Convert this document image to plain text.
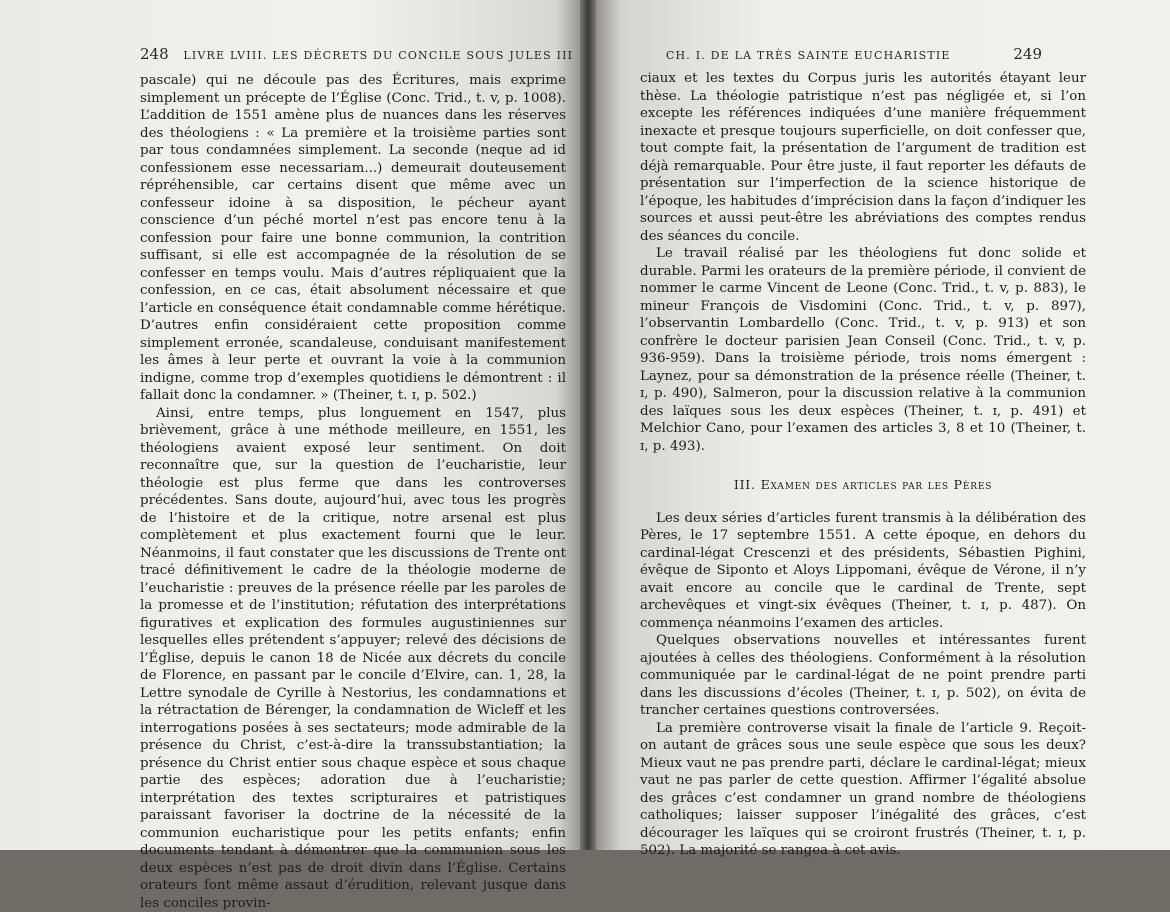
248 LIVRE LVIII. LES DÉCRETS DU CONCILE SOUS JULES III

pascale) qui ne découle pas des Écritures, mais exprime simplement un précepte de l’Église (Conc. Trid., t. v, p. 1008). L’addition de 1551 amène plus de nuances dans les réserves des théologiens : « La première et la troisième parties sont par tous condamnées simplement. La seconde (neque ad id confessionem esse necessariam...) demeurait douteusement répréhensible, car certains disent que même avec un confesseur idoine à sa disposition, le pécheur ayant conscience d’un péché mortel n’est pas encore tenu à la confession pour faire une bonne communion, la contrition suffisant, si elle est accompagnée de la résolution de se confesser en temps voulu. Mais d’autres répliquaient que la confession, en ce cas, était absolument nécessaire et que l’article en conséquence était condamnable comme hérétique. D’autres enfin considéraient cette proposition comme simplement erronée, scandaleuse, conduisant manifestement les âmes à leur perte et ouvrant la voie à la communion indigne, comme trop d’exemples quotidiens le démontrent : il fallait donc la condamner. » (Theiner, t. ɪ, p. 502.)

Ainsi, entre temps, plus longuement en 1547, plus brièvement, grâce à une méthode meilleure, en 1551, les théologiens avaient exposé leur sentiment. On doit reconnaître que, sur la question de l’eucharistie, leur théologie est plus ferme que dans les controverses précédentes. Sans doute, aujourd’hui, avec tous les progrès de l’histoire et de la critique, notre arsenal est plus complètement et plus exactement fourni que le leur. Néanmoins, il faut constater que les discussions de Trente ont tracé définitivement le cadre de la théologie moderne de l’eucharistie : preuves de la présence réelle par les paroles de la promesse et de l’institution; réfutation des interprétations figuratives et explication des formules augustiniennes sur lesquelles elles prétendent s’appuyer; relevé des décisions de l’Église, depuis le canon 18 de Nicée aux décrets du concile de Florence, en passant par le concile d’Elvire, can. 1, 28, la Lettre synodale de Cyrille à Nestorius, les condamnations et la rétractation de Bérenger, la condamnation de Wicleff et les interrogations posées à ses sectateurs; mode admirable de la présence du Christ, c’est-à-dire la transsubstantiation; la présence du Christ entier sous chaque espèce et sous chaque partie des espèces; adoration due à l’eucharistie; interprétation des textes scripturaires et patristiques paraissant favoriser la doctrine de la nécessité de la communion eucharistique pour les petits enfants; enfin documents tendant à démontrer que la communion sous les deux espèces n’est pas de droit divin dans l’Église. Certains orateurs font même assaut d’érudition, relevant jusque dans les conciles provin-

CH. I. DE LA TRÈS SAINTE EUCHARISTIE	249

ciaux et les textes du Corpus juris les autorités étayant leur thèse. La théologie patristique n’est pas négligée et, si l’on excepte les références indiquées d’une manière fréquemment inexacte et presque toujours superficielle, on doit confesser que, tout compte fait, la présentation de l’argument de tradition est déjà remarquable. Pour être juste, il faut reporter les défauts de présentation sur l’imperfection de la science historique de l’époque, les habitudes d’imprécision dans la façon d’indiquer les sources et aussi peut-être les abréviations des comptes rendus des séances du concile.

Le travail réalisé par les théologiens fut donc solide et durable. Parmi les orateurs de la première période, il convient de nommer le carme Vincent de Leone (Conc. Trid., t. v, p. 883), le mineur François de Visdomini (Conc. Trid., t. v, p. 897), l’observantin Lombardello (Conc. Trid., t. v, p. 913) et son confrère le docteur parisien Jean Conseil (Conc. Trid., t. v, p. 936-959). Dans la troisième période, trois noms émergent : Laynez, pour sa démonstration de la présence réelle (Theiner, t. ɪ, p. 490), Salmeron, pour la discussion relative à la communion des laïques sous les deux espèces (Theiner, t. ɪ, p. 491) et Melchior Cano, pour l’examen des articles 3, 8 et 10 (Theiner, t. ɪ, p. 493).

III. Examen des articles par les Pères

Les deux séries d’articles furent transmis à la délibération des Pères, le 17 septembre 1551. A cette époque, en dehors du cardinal-légat Crescenzi et des présidents, Sébastien Pighini, évêque de Siponto et Aloys Lippomani, évêque de Vérone, il n’y avait encore au concile que le cardinal de Trente, sept archevêques et vingt-six évêques (Theiner, t. ɪ, p. 487). On commença néanmoins l’examen des articles.

Quelques observations nouvelles et intéressantes furent ajoutées à celles des théologiens. Conformément à la résolution communiquée par le cardinal-légat de ne point prendre parti dans les discussions d’écoles (Theiner, t. ɪ, p. 502), on évita de trancher certaines questions controversées.

La première controverse visait la finale de l’article 9. Reçoit-on autant de grâces sous une seule espèce que sous les deux? Mieux vaut ne pas prendre parti, déclare le cardinal-légat; mieux vaut ne pas parler de cette question. Affirmer l’égalité absolue des grâces c’est condamner un grand nombre de théologiens catholiques; laisser supposer l’inégalité des grâces, c’est décourager les laïques qui se croiront frustrés (Theiner, t. ɪ, p. 502). La majorité se rangea à cet avis.
